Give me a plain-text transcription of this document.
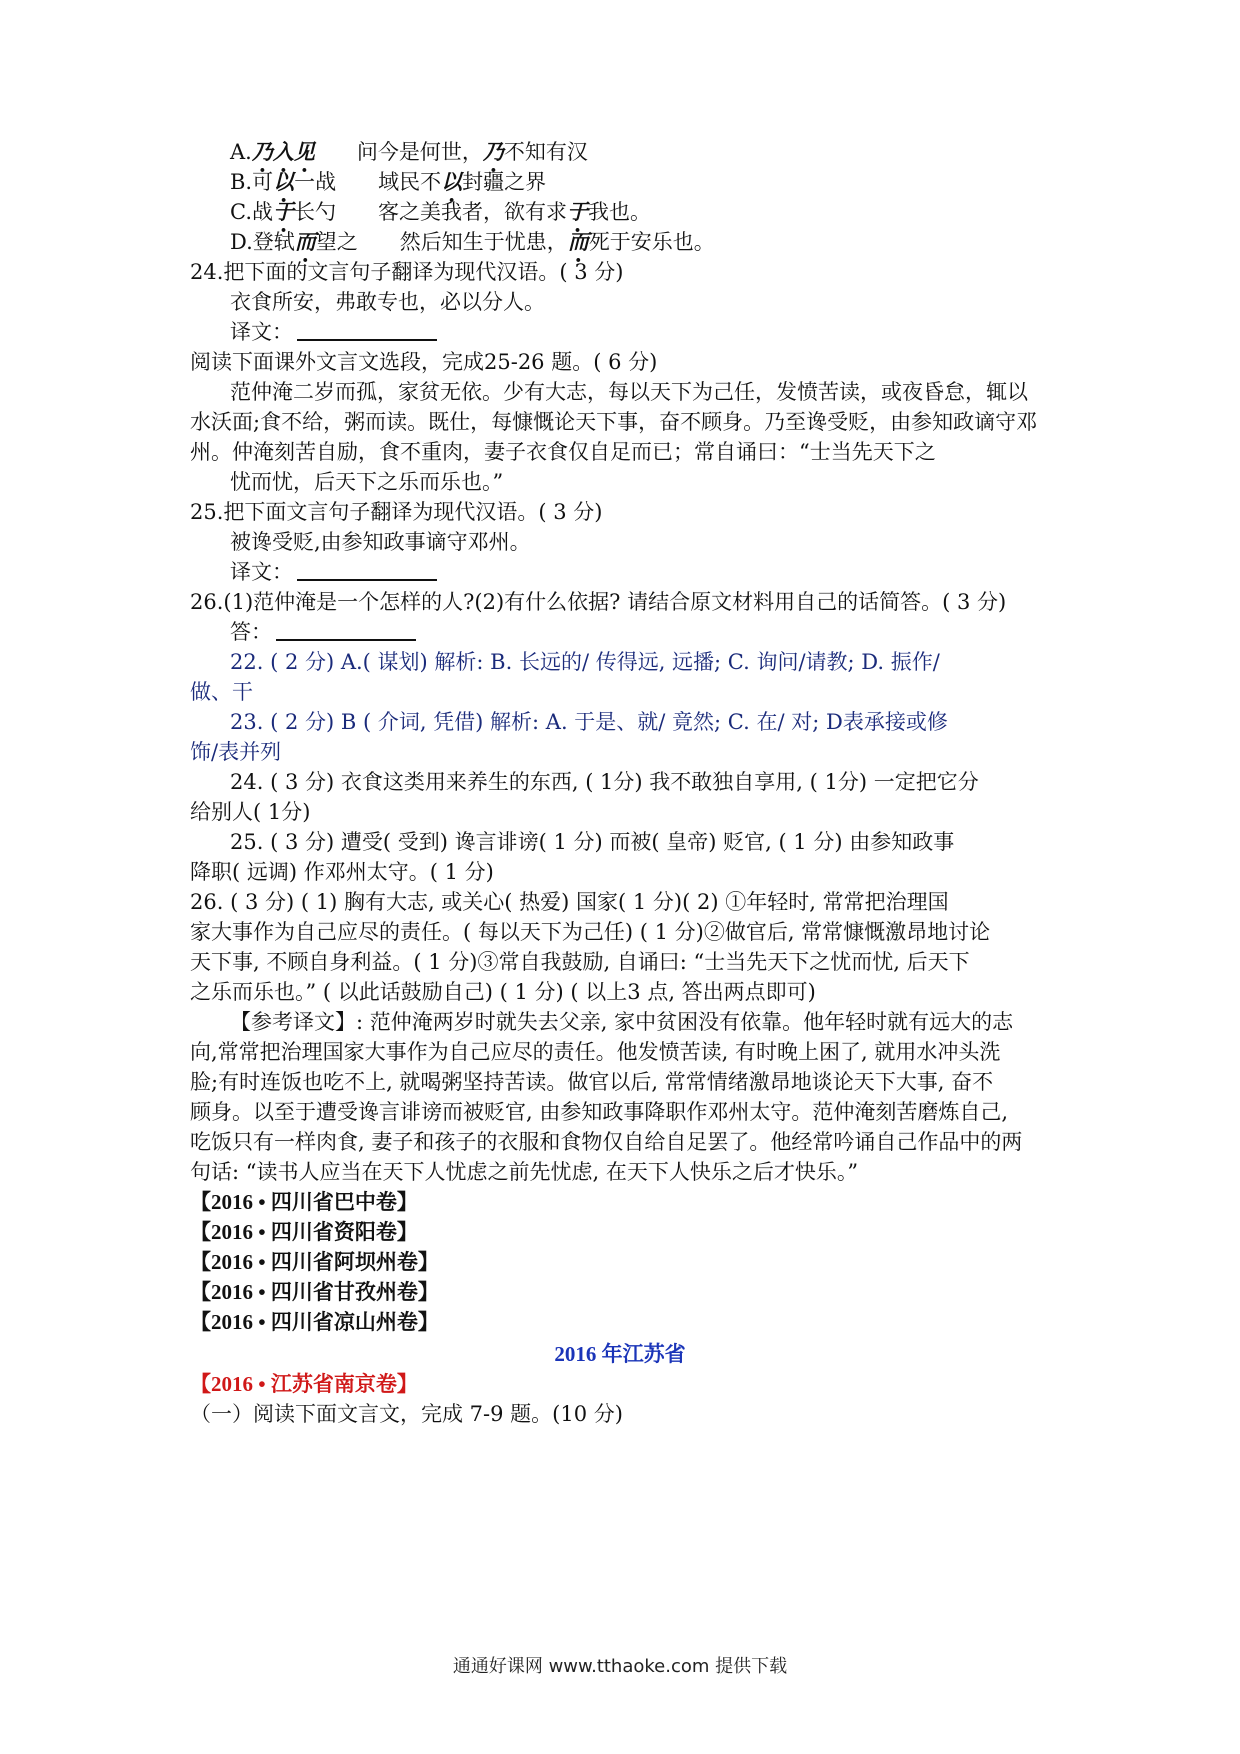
A.乃入见　　问今是何世，乃不知有汉
B.可以一战　　域民不以封疆之界
C.战于长勺　　客之美我者，欲有求于我也。
D.登轼而望之　　然后知生于忧患，而死于安乐也。
24.把下面的文言句子翻译为现代汉语。( 3 分)
衣食所安，弗敢专也，必以分人。
译文：
阅读下面课外文言文选段，完成25-26 题。( 6 分)
范仲淹二岁而孤，家贫无依。少有大志，每以天下为己任，发愤苦读，或夜昏怠，辄以
水沃面;食不给，粥而读。既仕，每慷慨论天下事，奋不顾身。乃至谗受贬，由参知政谪守邓
州。仲淹刻苦自励，食不重肉，妻子衣食仅自足而已；常自诵曰：“士当先天下之
忧而忧，后天下之乐而乐也。”
25.把下面文言句子翻译为现代汉语。( 3 分)
被谗受贬,由参知政事谪守邓州。
译文：
26.(1)范仲淹是一个怎样的人?(2)有什么依据? 请结合原文材料用自己的话简答。( 3 分)
答：
22. ( 2 分) A.( 谋划) 解析: B. 长远的/ 传得远, 远播; C. 询问/请教; D. 振作/
做、干
23. ( 2 分) B ( 介词, 凭借) 解析: A. 于是、就/ 竟然; C. 在/ 对; D表承接或修
饰/表并列
24. ( 3 分) 衣食这类用来养生的东西, ( 1分) 我不敢独自享用, ( 1分) 一定把它分
给别人( 1分)
25. ( 3 分) 遭受( 受到) 谗言诽谤( 1 分) 而被( 皇帝) 贬官, ( 1 分) 由参知政事
降职( 远调) 作邓州太守。( 1 分)
26. ( 3 分) ( 1) 胸有大志, 或关心( 热爱) 国家( 1 分)( 2) ①年轻时, 常常把治理国
家大事作为自己应尽的责任。( 每以天下为己任) ( 1 分)②做官后, 常常慷慨激昂地讨论
天下事, 不顾自身利益。( 1 分)③常自我鼓励, 自诵曰: “士当先天下之忧而忧, 后天下
之乐而乐也。” ( 以此话鼓励自己) ( 1 分) ( 以上3 点, 答出两点即可)
【参考译文】: 范仲淹两岁时就失去父亲, 家中贫困没有依靠。他年轻时就有远大的志
向,常常把治理国家大事作为自己应尽的责任。他发愤苦读, 有时晚上困了, 就用水冲头洗
脸;有时连饭也吃不上, 就喝粥坚持苦读。做官以后, 常常情绪激昂地谈论天下大事, 奋不
顾身。以至于遭受谗言诽谤而被贬官, 由参知政事降职作邓州太守。范仲淹刻苦磨炼自己,
吃饭只有一样肉食, 妻子和孩子的衣服和食物仅自给自足罢了。他经常吟诵自己作品中的两
句话: “读书人应当在天下人忧虑之前先忧虑, 在天下人快乐之后才快乐。”
【2016 • 四川省巴中卷】
【2016 • 四川省资阳卷】
【2016 • 四川省阿坝州卷】
【2016 • 四川省甘孜州卷】
【2016 • 四川省凉山州卷】
2016 年江苏省
【2016 • 江苏省南京卷】
（一）阅读下面文言文，完成 7-9 题。(10 分)
通通好课网 www.tthaoke.com 提供下载
